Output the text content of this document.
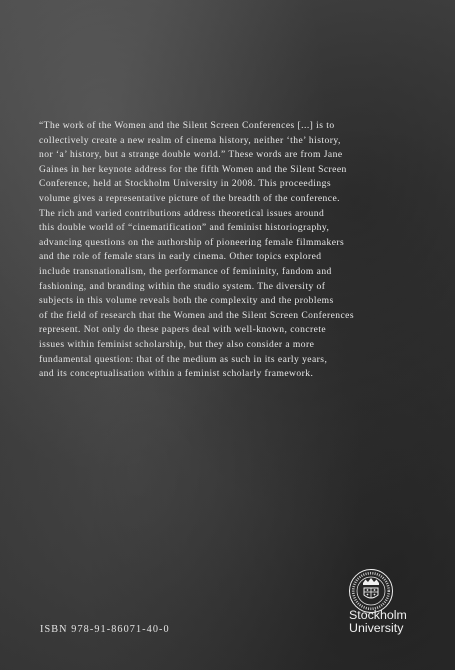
“The work of the Women and the Silent Screen Conferences [...] is to
collectively create a new realm of cinema history, neither ‘the’ history,
nor ‘a’ history, but a strange double world.” These words are from Jane
Gaines in her keynote address for the fifth Women and the Silent Screen
Conference, held at Stockholm University in 2008. This proceedings
volume gives a representative picture of the breadth of the conference.
The rich and varied contributions address theoretical issues around
this double world of “cinematification” and feminist historiography,
advancing questions on the authorship of pioneering female filmmakers
and the role of female stars in early cinema. Other topics explored
include transnationalism, the performance of femininity, fandom and
fashioning, and branding within the studio system. The diversity of
subjects in this volume reveals both the complexity and the problems
of the field of research that the Women and the Silent Screen Conferences
represent. Not only do these papers deal with well-known, concrete
issues within feminist scholarship, but they also consider a more
fundamental question: that of the medium as such in its early years,
and its conceptualisation within a feminist scholarly framework.
ISBN 978-91-86071-40-0
Stockholm
University
